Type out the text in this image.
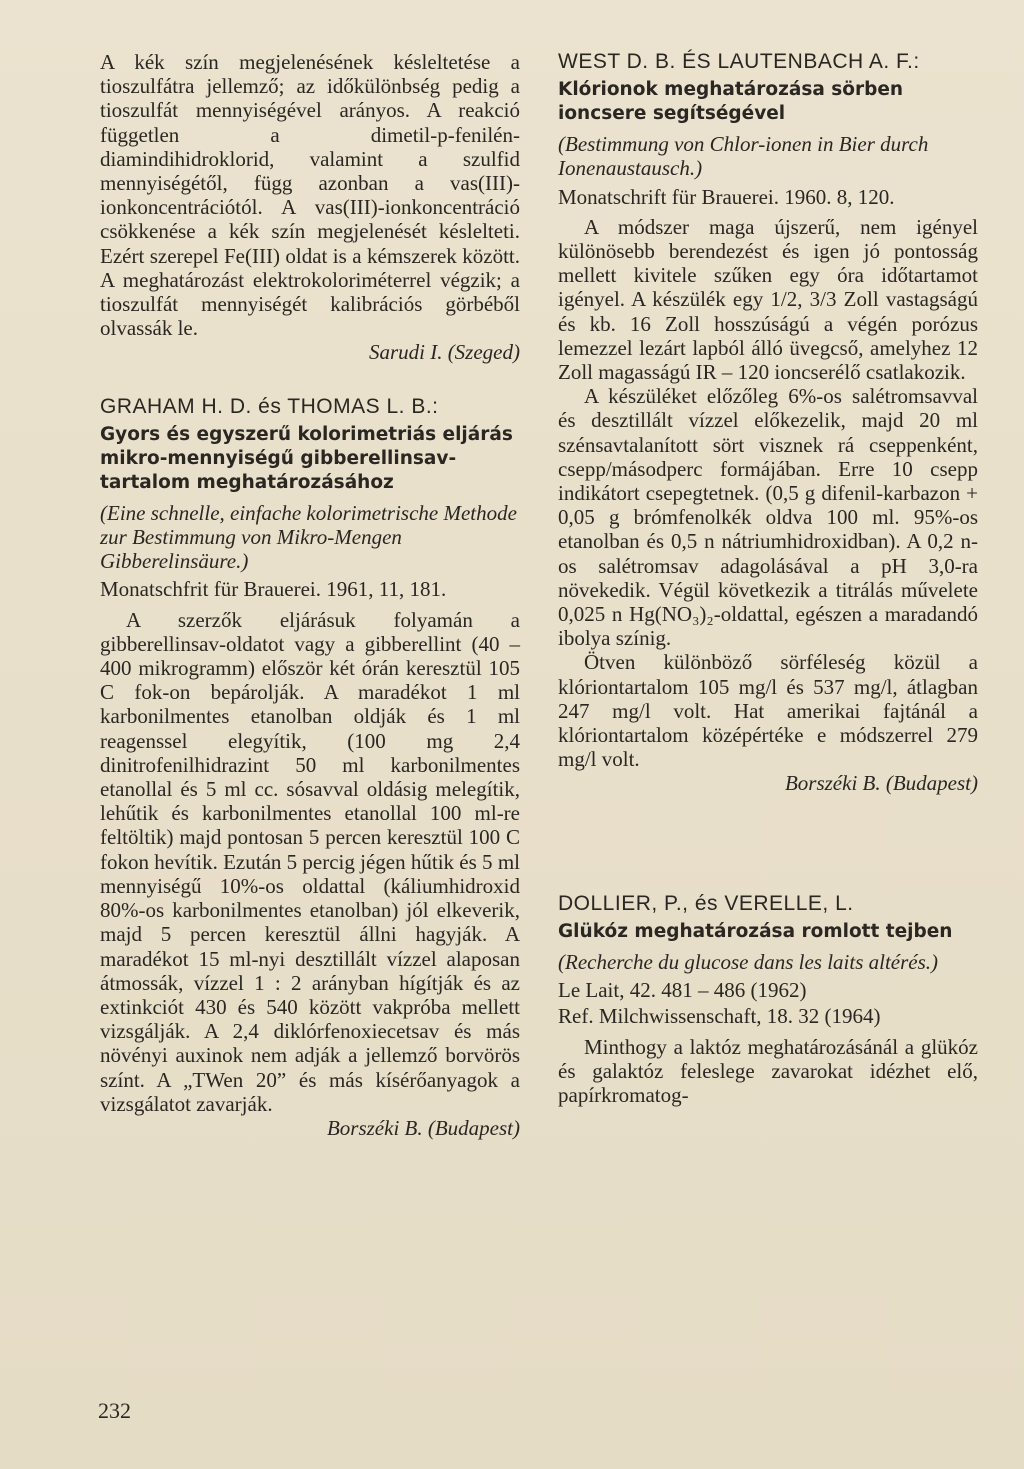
A kék szín megjelenésének késleltetése a tioszulfátra jellemző; az időkülönbség pedig a tioszulfát mennyiségével arányos. A reakció független a dimetil-p-fenilén-diamindihidroklorid, valamint a szulfid mennyiségétől, függ azonban a vas(III)-ionkoncentrációtól. A vas(III)-ionkoncentráció csökkenése a kék szín megjelenését késlelteti. Ezért szerepel Fe(III) oldat is a kémszerek között. A meghatározást elektrokoloriméterrel végzik; a tioszulfát mennyiségét kalibrációs görbéből olvassák le.

Sarudi I. (Szeged)

GRAHAM H. D. és THOMAS L. B.:

Gyors és egyszerű kolorimetriás eljárás mikro-mennyiségű gibberellinsav-tartalom meghatározásához

(Eine schnelle, einfache kolorimetrische Methode zur Bestimmung von Mikro-Mengen Gibberelinsäure.)

Monatschfrit für Brauerei. 1961, 11, 181.

A szerzők eljárásuk folyamán a gibberellinsav-oldatot vagy a gibberellint (40 – 400 mikrogramm) először két órán keresztül 105 C fok-on bepárolják. A maradékot 1 ml karbonilmentes etanolban oldják és 1 ml reagenssel elegyítik, (100 mg 2,4 dinitrofenilhidrazint 50 ml karbonilmentes etanollal és 5 ml cc. sósavval oldásig melegítik, lehűtik és karbonilmentes etanollal 100 ml-re feltöltik) majd pontosan 5 percen keresztül 100 C fokon hevítik. Ezután 5 percig jégen hűtik és 5 ml mennyiségű 10%-os oldattal (káliumhidroxid 80%-os karbonilmentes etanolban) jól elkeverik, majd 5 percen keresztül állni hagyják. A maradékot 15 ml-nyi desztillált vízzel alaposan átmossák, vízzel 1 : 2 arányban hígítják és az extinkciót 430 és 540 között vakpróba mellett vizsgálják. A 2,4 diklórfenoxiecetsav és más növényi auxinok nem adják a jellemző borvörös színt. A „TWen 20” és más kísérőanyagok a vizsgálatot zavarják.

Borszéki B. (Budapest)

WEST D. B. ÉS LAUTENBACH A. F.:

Klórionok meghatározása sörben ioncsere segítségével

(Bestimmung von Chlor-ionen in Bier durch Ionenaustausch.)

Monatschrift für Brauerei. 1960. 8, 120.

A módszer maga újszerű, nem igényel különösebb berendezést és igen jó pontosság mellett kivitele szűken egy óra időtartamot igényel. A készülék egy 1/2, 3/3 Zoll vastagságú és kb. 16 Zoll hosszúságú a végén porózus lemezzel lezárt lapból álló üvegcső, amelyhez 12 Zoll magasságú IR – 120 ioncserélő csatlakozik.

A készüléket előzőleg 6%-os salétromsavval és desztillált vízzel előkezelik, majd 20 ml szénsavtalanított sört visznek rá cseppenként, csepp/másodperc formájában. Erre 10 csepp indikátort csepegtetnek. (0,5 g difenil-karbazon + 0,05 g brómfenolkék oldva 100 ml. 95%-os etanolban és 0,5 n nátriumhidroxidban). A 0,2 n-os salétromsav adagolásával a pH 3,0-ra növekedik. Végül következik a titrálás művelete 0,025 n Hg(NO₃)₂-oldattal, egészen a maradandó ibolya színig.

Ötven különböző sörféleség közül a klóriontartalom 105 mg/l és 537 mg/l, átlagban 247 mg/l volt. Hat amerikai fajtánál a klóriontartalom középértéke e módszerrel 279 mg/l volt.

Borszéki B. (Budapest)

DOLLIER, P., és VERELLE, L.

Glükóz meghatározása romlott tejben

(Recherche du glucose dans les laits altérés.)

Le Lait, 42. 481 – 486 (1962)

Ref. Milchwissenschaft, 18. 32 (1964)

Minthogy a laktóz meghatározásánál a glükóz és galaktóz feleslege zavarokat idézhet elő, papírkromatog-

232
